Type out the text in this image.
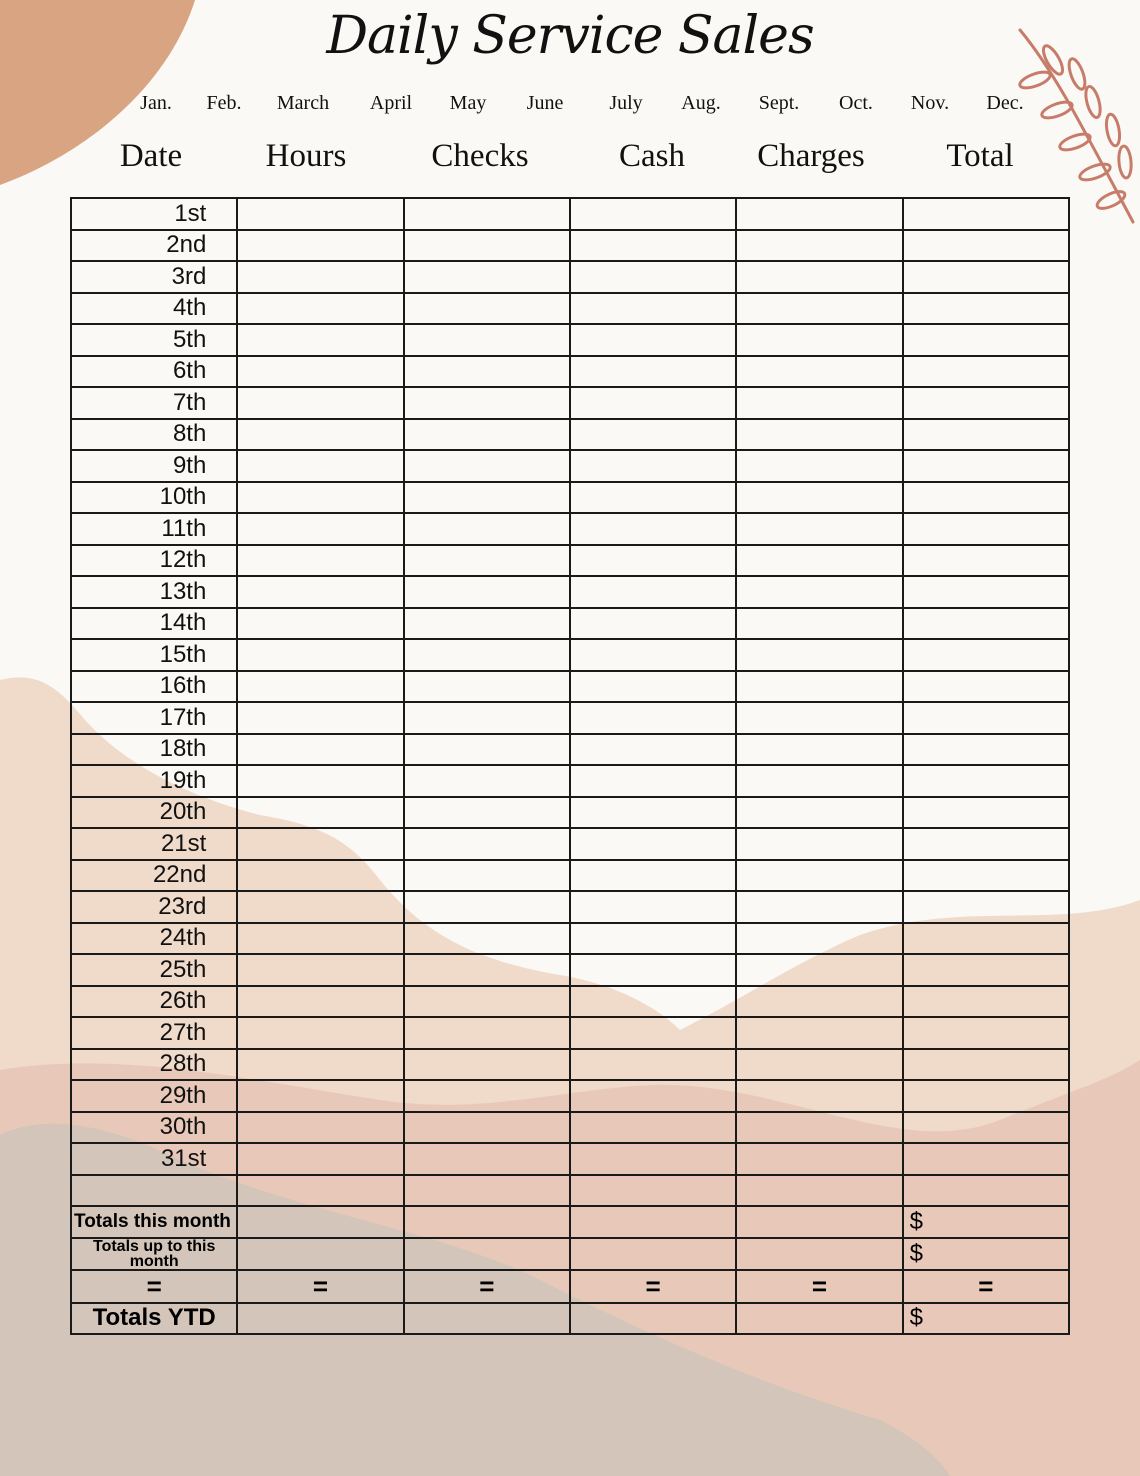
Daily Service Sales
Jan. Feb. March April May June July Aug. Sept. Oct. Nov. Dec.
Date	Hours	Checks	Cash Charges Total
1st					
2nd					
3rd					
4th					
5th					
6th					
7th					
8th					
9th					
10th					
11th					
12th					
13th					
14th					
15th					
16th					
17th					
18th					
19th					
20th					
21st					
22nd					
23rd					
24th					
25th					
26th					
27th					
28th					
29th					
30th					
31st					

Totals this month					$
Totals up to this month					$
=	=	=	=	=	=
Totals YTD					$
